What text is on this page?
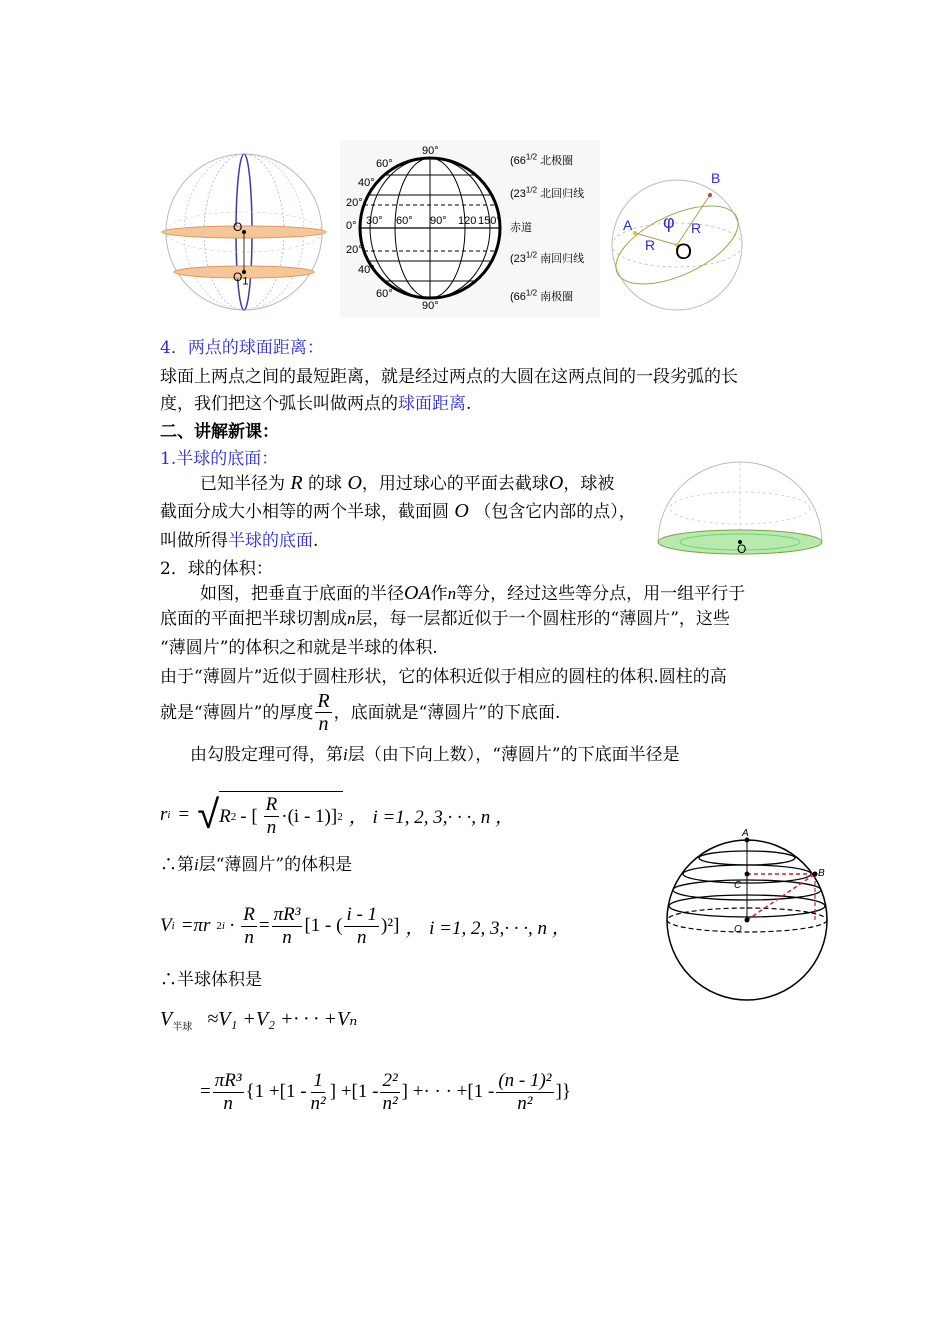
O
$O_1$
90°
60°
40°
20°
0° 30° 60° 90° 120 150°
20°
40°
60°
90°
($66^{1/2}$ 北极圈
($23^{1/2}$ 北回归线
赤道
($23^{1/2}$ 南回归线
($66^{1/2}$ 南极圈
B
A φ
R
R
O
4．两点的球面距离：
球面上两点之间的最短距离，就是经过两点的大圆在这两点间的一段劣弧的长
度，我们把这个弧长叫做两点的球面距离.
二、讲解新课：
1.半球的底面：
已知半径为 R 的球 O，用过球心的平面去截球O，球被
截面分成大小相等的两个半球，截面圆 O （包含它内部的点），
叫做所得半球的底面.	O
2．球的体积：
如图，把垂直于底面的半径OA作n等分，经过这些等分点，用一组平行于
底面的平面把半球切割成n层，每一层都近似于一个圆柱形的“薄圆片”，这些
“薄圆片”的体积之和就是半球的体积.
由于“薄圆片”近似于圆柱形状，它的体积近似于相应的圆柱的体积.圆柱的高
就是“薄圆片”的厚度 $\frac{R}{n}$ ，底面就是“薄圆片”的下底面.
由勾股定理可得，第i层（由下向上数），“薄圆片”的下底面半径是
r i = √ R 2 - [ $\frac{R}{n} \cdot(i - 1)$] 2 ， i =1, 2, 3,· · ·, n ，
∴第i层“薄圆片”的体积是
V i =πr 2 $i \cdot \frac{R}{n} = \frac{\text{πR³}}{n} [1$ - ( $\frac{i - 1}{n} )^2$] ， i =1, 2, 3,· · ·, n ，
∴半球体积是
$V_{半球} \approx V_1 +V_2$ +· · · +Vₙ
= $\frac{\text{πR³}}{n} \{1 +[1 - \frac{1}{\text{n²}}$ ] $+[1 - \frac{\text{2²}}{\text{n²}}$ ] +· · · $+[1 - \frac{\text{(n - 1)²}}{\text{n²}}$ ]}
A
B
C
O
